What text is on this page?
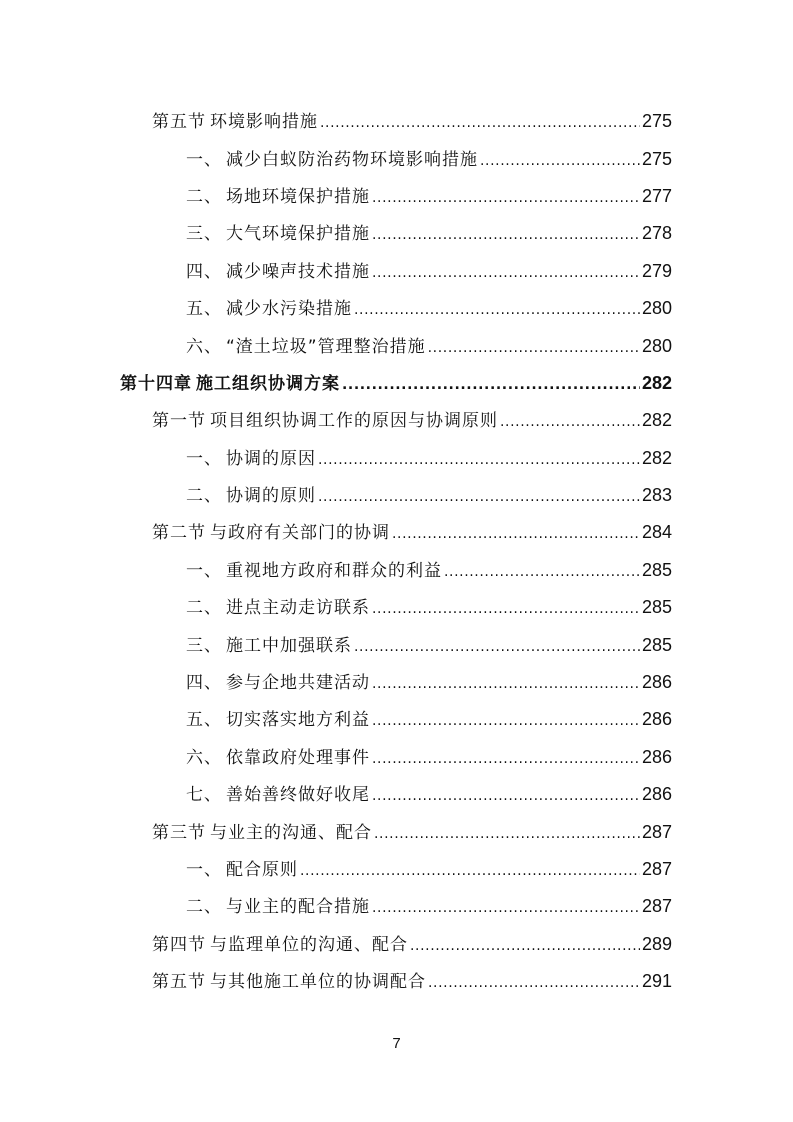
第五节 环境影响措施 .....	275
一、 减少白蚁防治药物环境影响措施 .....	275
二、 场地环境保护措施 .....	277
三、 大气环境保护措施 .....	278
四、 减少噪声技术措施 .....	279
五、 减少水污染措施 .....	280
六、 “渣土垃圾”管理整治措施 .....	280
第十四章 施工组织协调方案 .....	282
第一节 项目组织协调工作的原因与协调原则 .....	282
一、 协调的原因 .....	282
二、 协调的原则 .....	283
第二节 与政府有关部门的协调 .....	284
一、 重视地方政府和群众的利益 .....	285
二、 进点主动走访联系 .....	285
三、 施工中加强联系 .....	285
四、 参与企地共建活动 .....	286
五、 切实落实地方利益 .....	286
六、 依靠政府处理事件 .....	286
七、 善始善终做好收尾 .....	286
第三节 与业主的沟通、配合 .....	287
一、 配合原则 .....	287
二、 与业主的配合措施 .....	287
第四节 与监理单位的沟通、配合 .....	289
第五节 与其他施工单位的协调配合 .....	291
7
